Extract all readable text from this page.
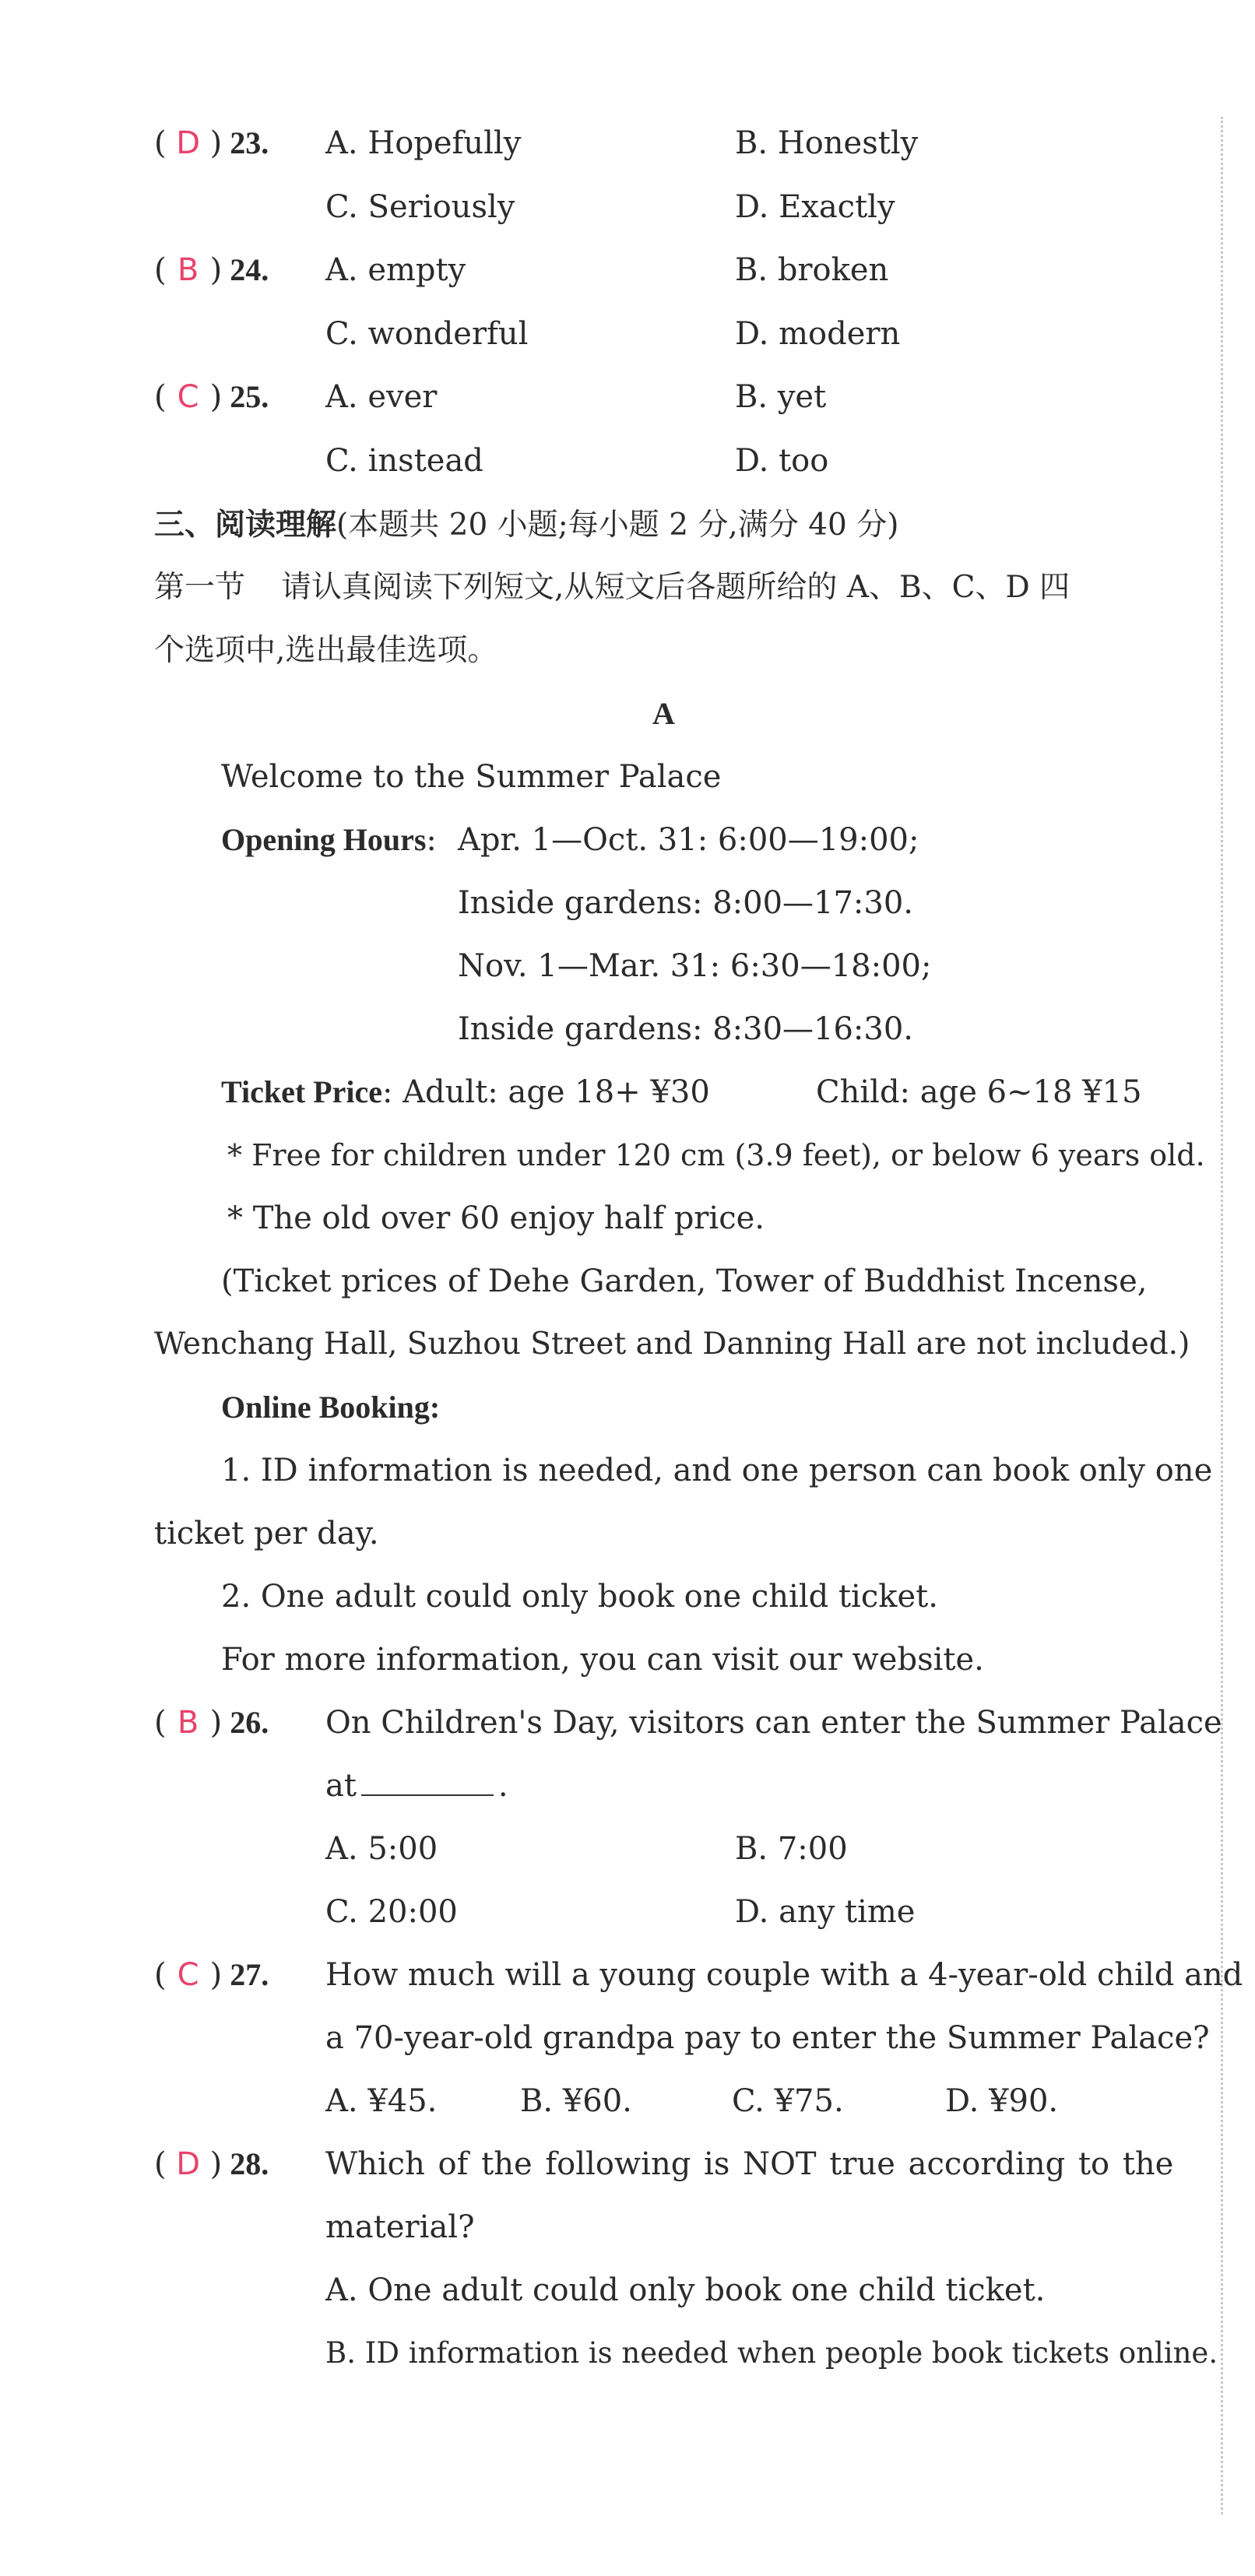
( D ) 23. A. Hopefully	B. Honestly
C. Seriously	D. Exactly
( B ) 24. A. empty	B. broken
C. wonderful	D. modern
( C ) 25. A. ever	B. yet
C. instead	D. too
三、阅读理解(本题共 20 小题;每小题 2 分,满分 40 分)
第一节 请认真阅读下列短文,从短文后各题所给的 A、B、C、D 四
个选项中,选出最佳选项。
A
Welcome to the Summer Palace
Opening Hours: Apr. 1—Oct. 31: 6:00—19:00;
Inside gardens: 8:00—17:30.
Nov. 1—Mar. 31: 6:30—18:00;
Inside gardens: 8:30—16:30.
Ticket Price: Adult: age 18+ ¥30	Child: age 6~18 ¥15
* Free for children under 120 cm (3.9 feet), or below 6 years old.
* The old over 60 enjoy half price.
(Ticket prices of Dehe Garden, Tower of Buddhist Incense,
Wenchang Hall, Suzhou Street and Danning Hall are not included.)
Online Booking:
1. ID information is needed, and one person can book only one
ticket per day.
2. One adult could only book one child ticket.
For more information, you can visit our website.
( B ) 26. On Children's Day, visitors can enter the Summer Palace
at	.
A. 5:00	B. 7:00
C. 20:00	D. any time
( C ) 27. How much will a young couple with a 4-year-old child and
a 70-year-old grandpa pay to enter the Summer Palace?
A. ¥45.	B. ¥60.	C. ¥75.	D. ¥90.
( D ) 28. Which of the following is NOT true according to the
material?
A. One adult could only book one child ticket.
B. ID information is needed when people book tickets online.
